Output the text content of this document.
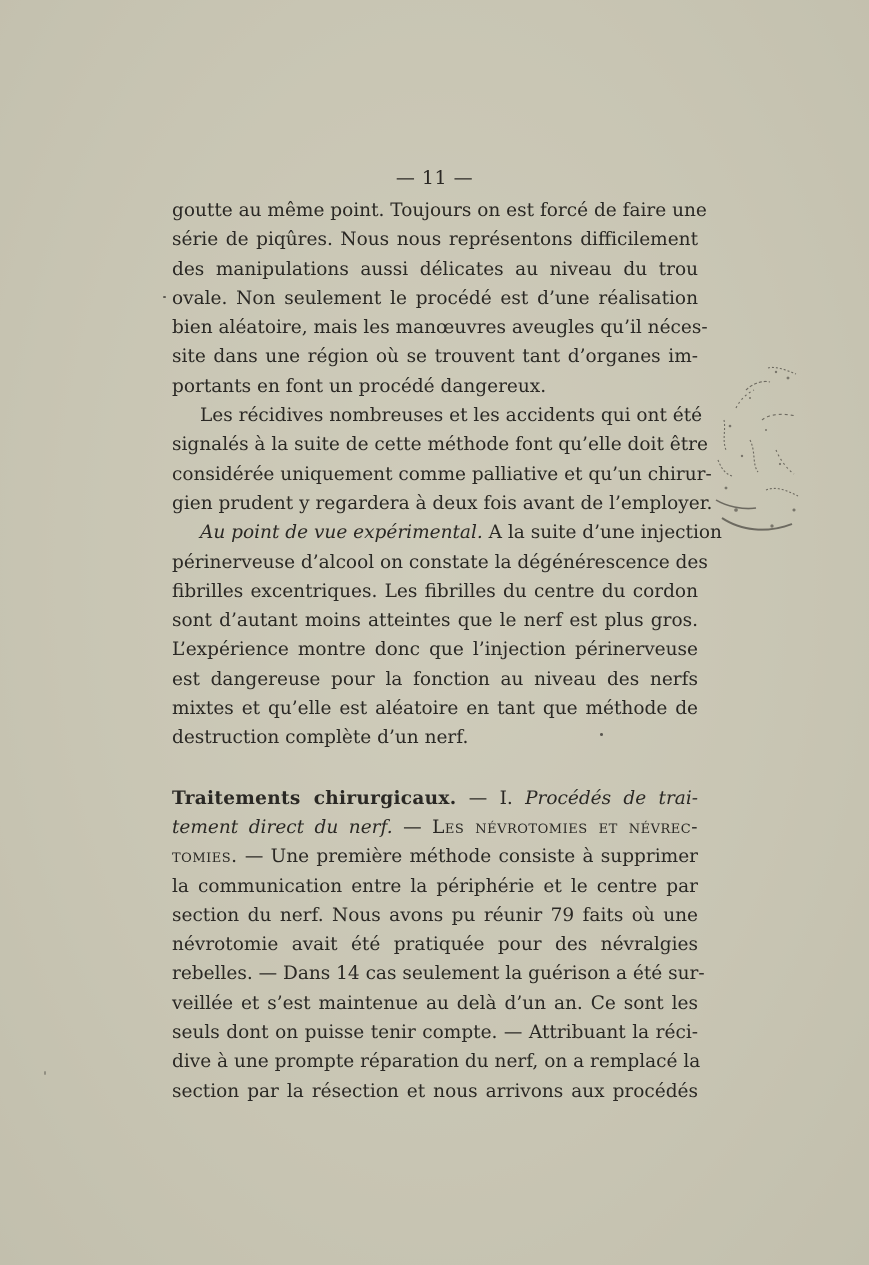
— 11 —
goutte au même point. Toujours on est forcé de faire une
série de piqûres. Nous nous représentons difficilement
des manipulations aussi délicates au niveau du trou
ovale. Non seulement le procédé est d’une réalisation
bien aléatoire, mais les manœuvres aveugles qu’il néces-
site dans une région où se trouvent tant d’organes im-
portants en font un procédé dangereux.
Les récidives nombreuses et les accidents qui ont été
signalés à la suite de cette méthode font qu’elle doit être
considérée uniquement comme palliative et qu’un chirur-
gien prudent y regardera à deux fois avant de l’employer.
Au point de vue expérimental. A la suite d’une injection
périnerveuse d’alcool on constate la dégénérescence des
fibrilles excentriques. Les fibrilles du centre du cordon
sont d’autant moins atteintes que le nerf est plus gros.
L’expérience montre donc que l’injection périnerveuse
est dangereuse pour la fonction au niveau des nerfs
mixtes et qu’elle est aléatoire en tant que méthode de
destruction complète d’un nerf.
Traitements chirurgicaux. — I. Procédés de trai-
tement direct du nerf. — Les névrotomies et névrec-
tomies. — Une première méthode consiste à supprimer
la communication entre la périphérie et le centre par
section du nerf. Nous avons pu réunir 79 faits où une
névrotomie avait été pratiquée pour des névralgies
rebelles. — Dans 14 cas seulement la guérison a été sur-
veillée et s’est maintenue au delà d’un an. Ce sont les
seuls dont on puisse tenir compte. — Attribuant la réci-
dive à une prompte réparation du nerf, on a remplacé la
section par la résection et nous arrivons aux procédés
